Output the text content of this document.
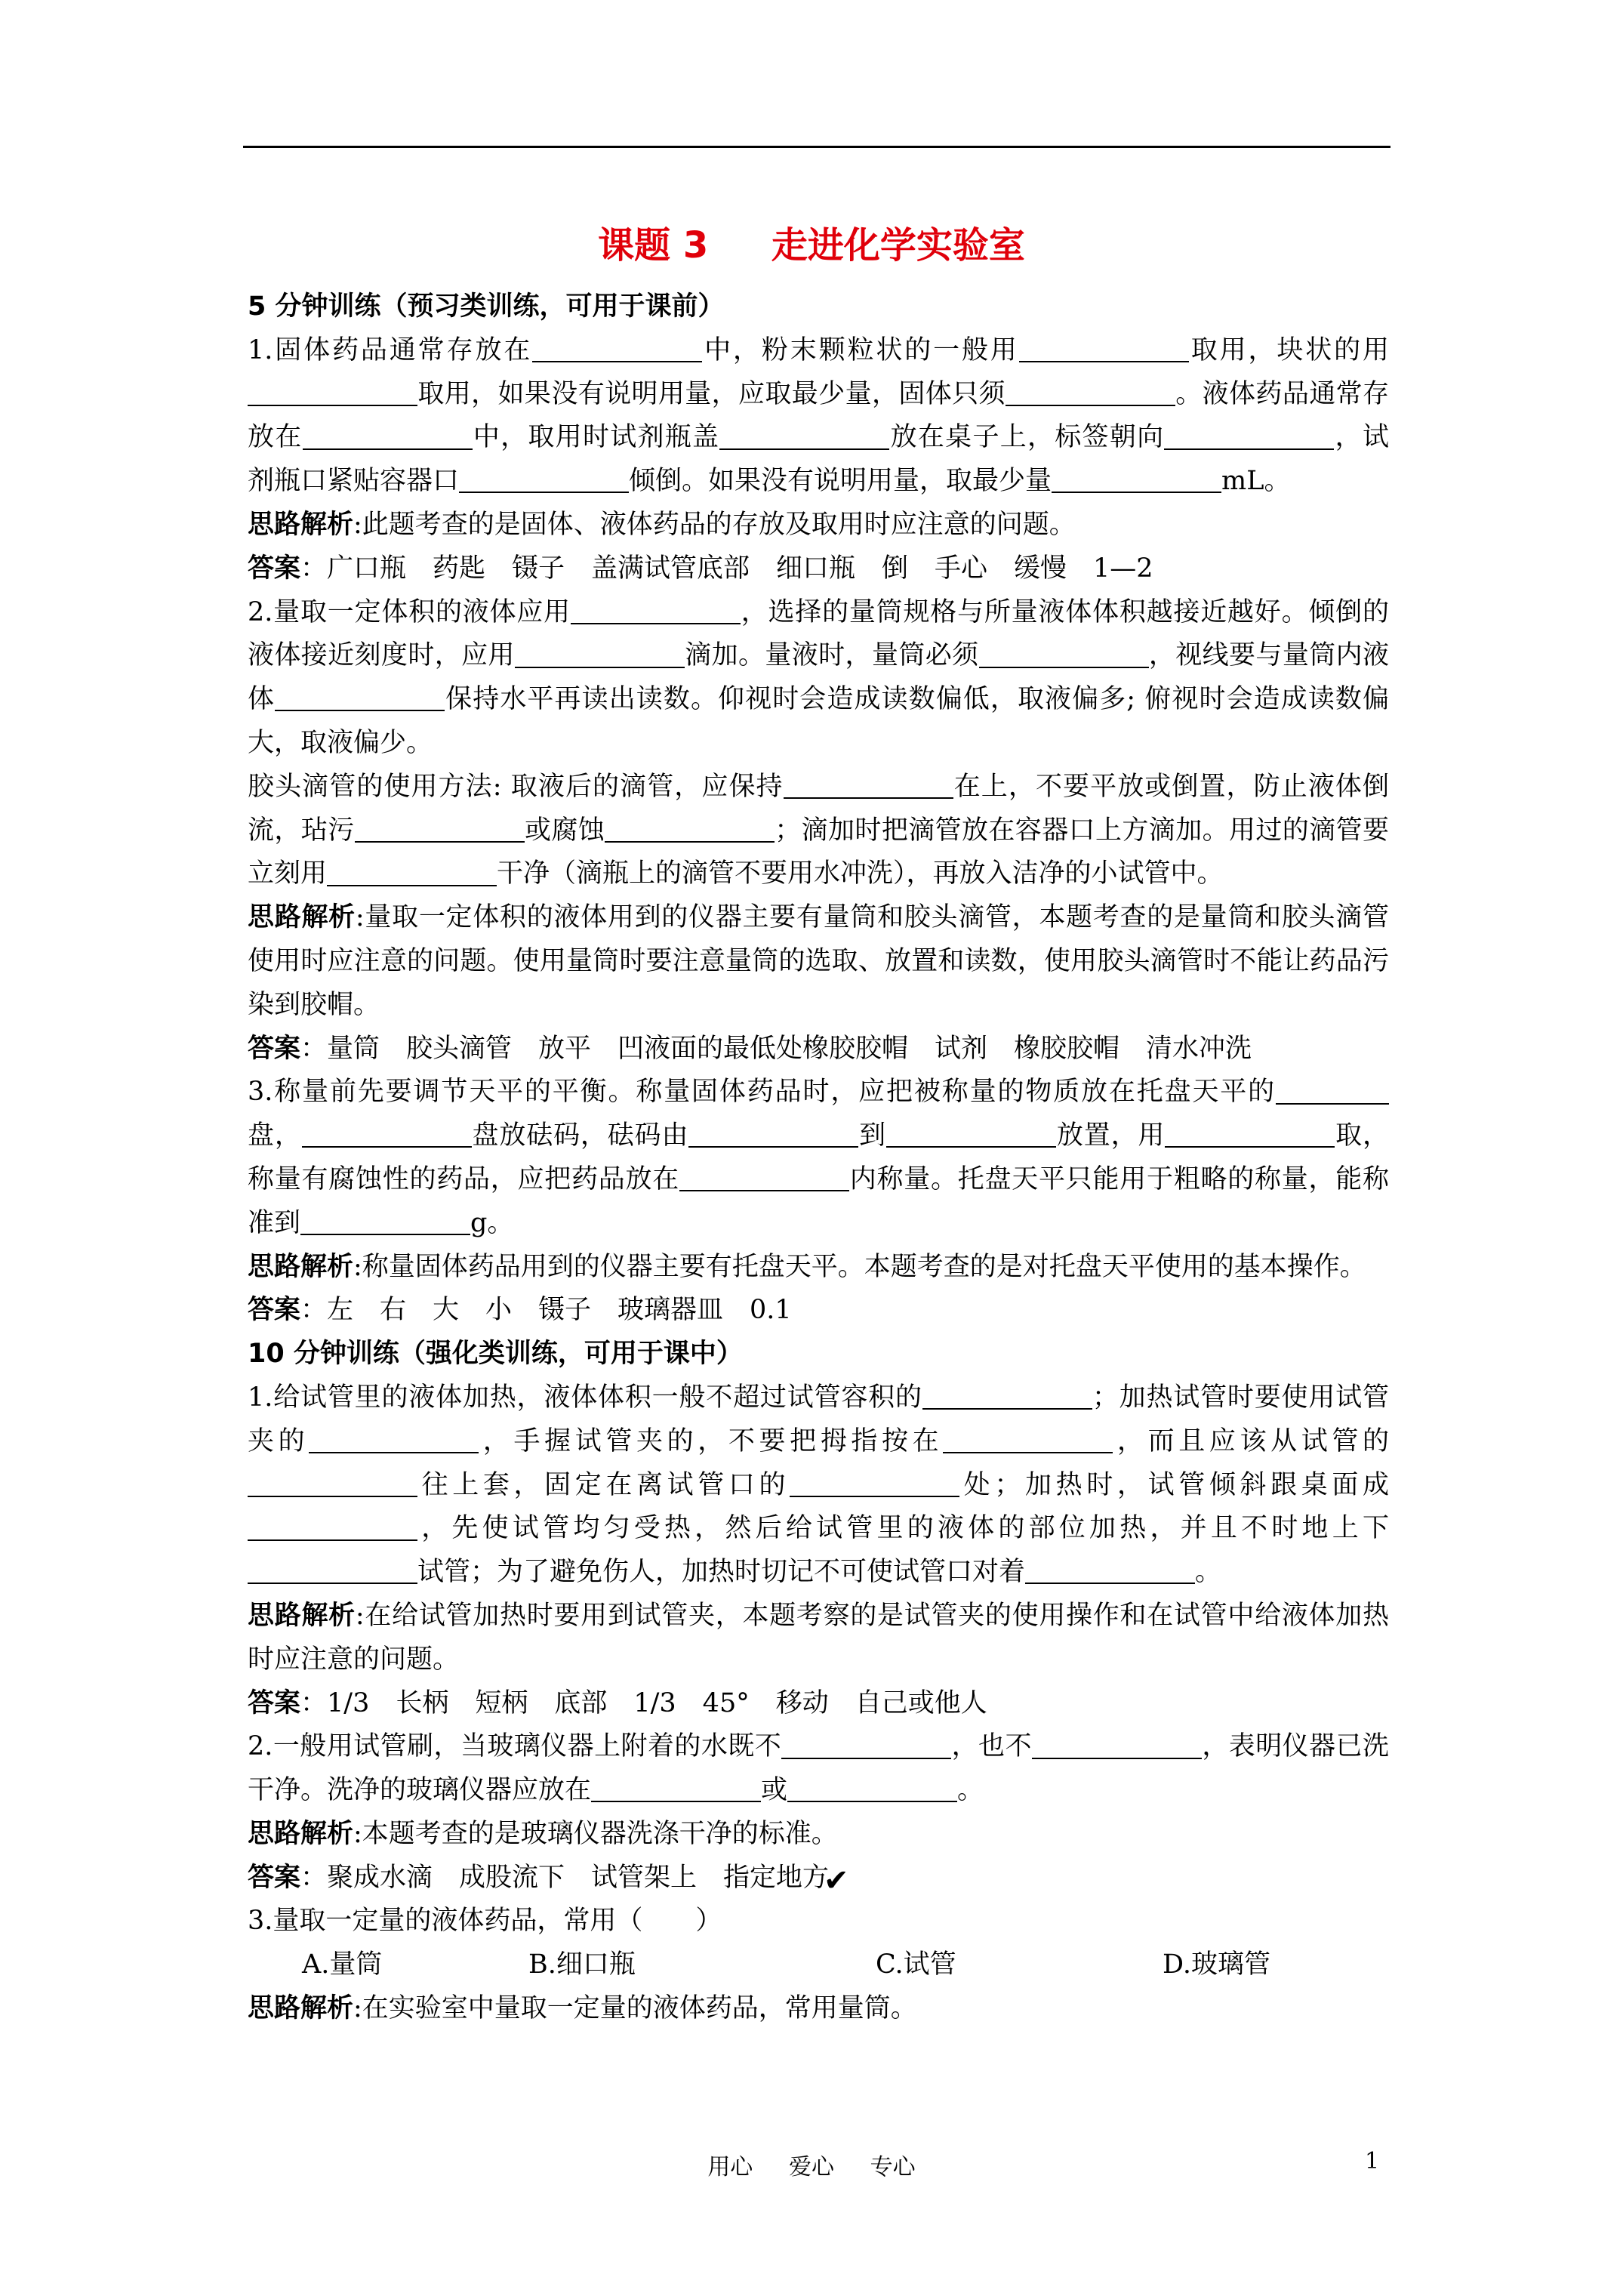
课题 3     走进化学实验室

5 分钟训练（预习类训练，可用于课前）

1.固体药品通常存放在	中，粉末颗粒状的一般用	取用，块状的用取用，如果没有说明用量，应取最少量，固体只须	。液体药品通常存放在	中，取用时试剂瓶盖	放在桌子上，标签朝向	，试剂瓶口紧贴容器口	倾倒。如果没有说明用量，取最少量	mL。

思路解析:此题考查的是固体、液体药品的存放及取用时应注意的问题。

答案：广口瓶　药匙　镊子　盖满试管底部　细口瓶　倒　手心　缓慢　1—2

2.量取一定体积的液体应用	，选择的量筒规格与所量液体体积越接近越好。倾倒的液体接近刻度时，应用	滴加。量液时，量筒必须	，视线要与量筒内液体	保持水平再读出读数。仰视时会造成读数偏低，取液偏多; 俯视时会造成读数偏大，取液偏少。

胶头滴管的使用方法: 取液后的滴管，应保持	在上，不要平放或倒置，防止液体倒流，玷污	或腐蚀	；滴加时把滴管放在容器口上方滴加。用过的滴管要立刻用	干净（滴瓶上的滴管不要用水冲洗），再放入洁净的小试管中。

思路解析:量取一定体积的液体用到的仪器主要有量筒和胶头滴管，本题考查的是量筒和胶头滴管使用时应注意的问题。使用量筒时要注意量筒的选取、放置和读数，使用胶头滴管时不能让药品污染到胶帽。

答案：量筒　胶头滴管　放平　凹液面的最低处橡胶胶帽　试剂　橡胶胶帽　清水冲洗

3.称量前先要调节天平的平衡。称量固体药品时，应把被称量的物质放在托盘天平的盘，	盘放砝码，砝码由	到	放置，用	取，称量有腐蚀性的药品，应把药品放在	内称量。托盘天平只能用于粗略的称量，能称准到	g。

思路解析:称量固体药品用到的仪器主要有托盘天平。本题考查的是对托盘天平使用的基本操作。

答案：左　右　大　小　镊子　玻璃器皿　0.1

10 分钟训练（强化类训练，可用于课中）

1.给试管里的液体加热，液体体积一般不超过试管容积的	；加热试管时要使用试管夹的	，手握试管夹的，不要把拇指按在	，而且应该从试管的往上套，固定在离试管口的	处；加热时，试管倾斜跟桌面成，先使试管均匀受热，然后给试管里的液体的部位加热，并且不时地上下试管；为了避免伤人，加热时切记不可使试管口对着	。

思路解析:在给试管加热时要用到试管夹，本题考察的是试管夹的使用操作和在试管中给液体加热时应注意的问题。

答案：1/3　长柄　短柄　底部　1/3　45°　移动　自己或他人

2.一般用试管刷，当玻璃仪器上附着的水既不	，也不	，表明仪器已洗干净。洗净的玻璃仪器应放在	或	。

思路解析:本题考查的是玻璃仪器洗涤干净的标准。

答案：聚成水滴　成股流下　试管架上　指定地方

3.量取一定量的液体药品，常用（　　）

A.量筒	B.细口瓶	C.试管	D.玻璃管

思路解析:在实验室中量取一定量的液体药品，常用量筒。

✔
用心     爱心     专心	1
